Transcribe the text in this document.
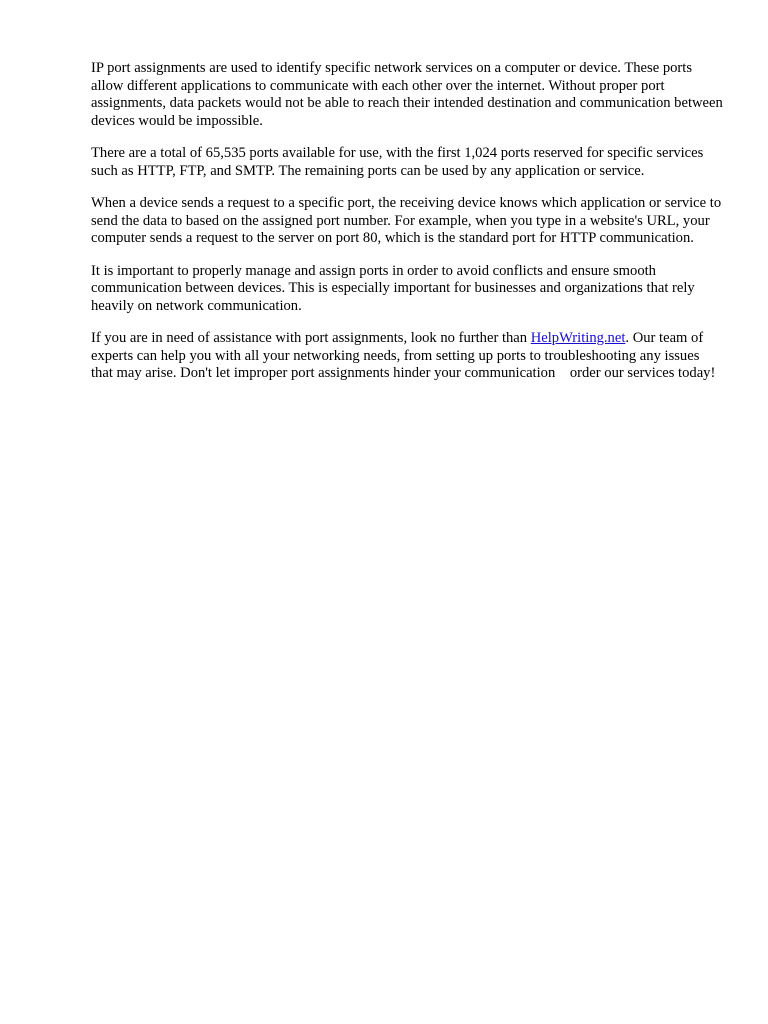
IP port assignments are used to identify specific network services on a computer or device. These ports allow different applications to communicate with each other over the internet. Without proper port assignments, data packets would not be able to reach their intended destination and communication between devices would be impossible.

There are a total of 65,535 ports available for use, with the first 1,024 ports reserved for specific services such as HTTP, FTP, and SMTP. The remaining ports can be used by any application or service.

When a device sends a request to a specific port, the receiving device knows which application or service to send the data to based on the assigned port number. For example, when you type in a website's URL, your computer sends a request to the server on port 80, which is the standard port for HTTP communication.

It is important to properly manage and assign ports in order to avoid conflicts and ensure smooth communication between devices. This is especially important for businesses and organizations that rely heavily on network communication.

If you are in need of assistance with port assignments, look no further than HelpWriting.net. Our team of experts can help you with all your networking needs, from setting up ports to troubleshooting any issues that may arise. Don't let improper port assignments hinder your communication    order our services today!
